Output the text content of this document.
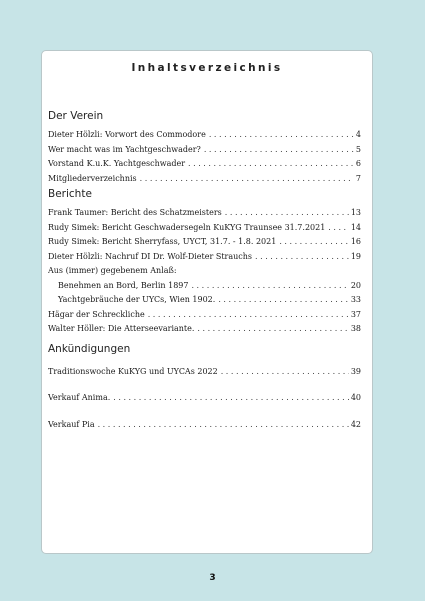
Inhaltsverzeichnis
Der Verein
Dieter Hölzli: Vorwort des Commodore . . .	4
Wer macht was im Yachtgeschwader? . . .	5
Vorstand K.u.K. Yachtgeschwader . . .	6
Mitgliederverzeichnis . . .	7
Berichte
Frank Taumer: Bericht des Schatzmeisters . . .	13
Rudy Simek: Bericht Geschwadersegeln KuKYG Traunsee 31.7.2021 . . .	14
Rudy Simek: Bericht Sherryfass, UYCT, 31.7. - 1.8. 2021 . . .	16
Dieter Hölzli: Nachruf DI Dr. Wolf-Dieter Strauchs . . .	19
Aus (immer) gegebenem Anlaß:
Benehmen an Bord, Berlin 1897 . . .	20
Yachtgebräuche der UYCs, Wien 1902. . . .	33
Hägar der Schreckliche . . .	37
Walter Höller: Die Atterseevariante. . . .	38
Ankündigungen
Traditionswoche KuKYG und UYCAs 2022 . . .	39
Verkauf Anima. . . .	40
Verkauf Pia . . .	42
3
